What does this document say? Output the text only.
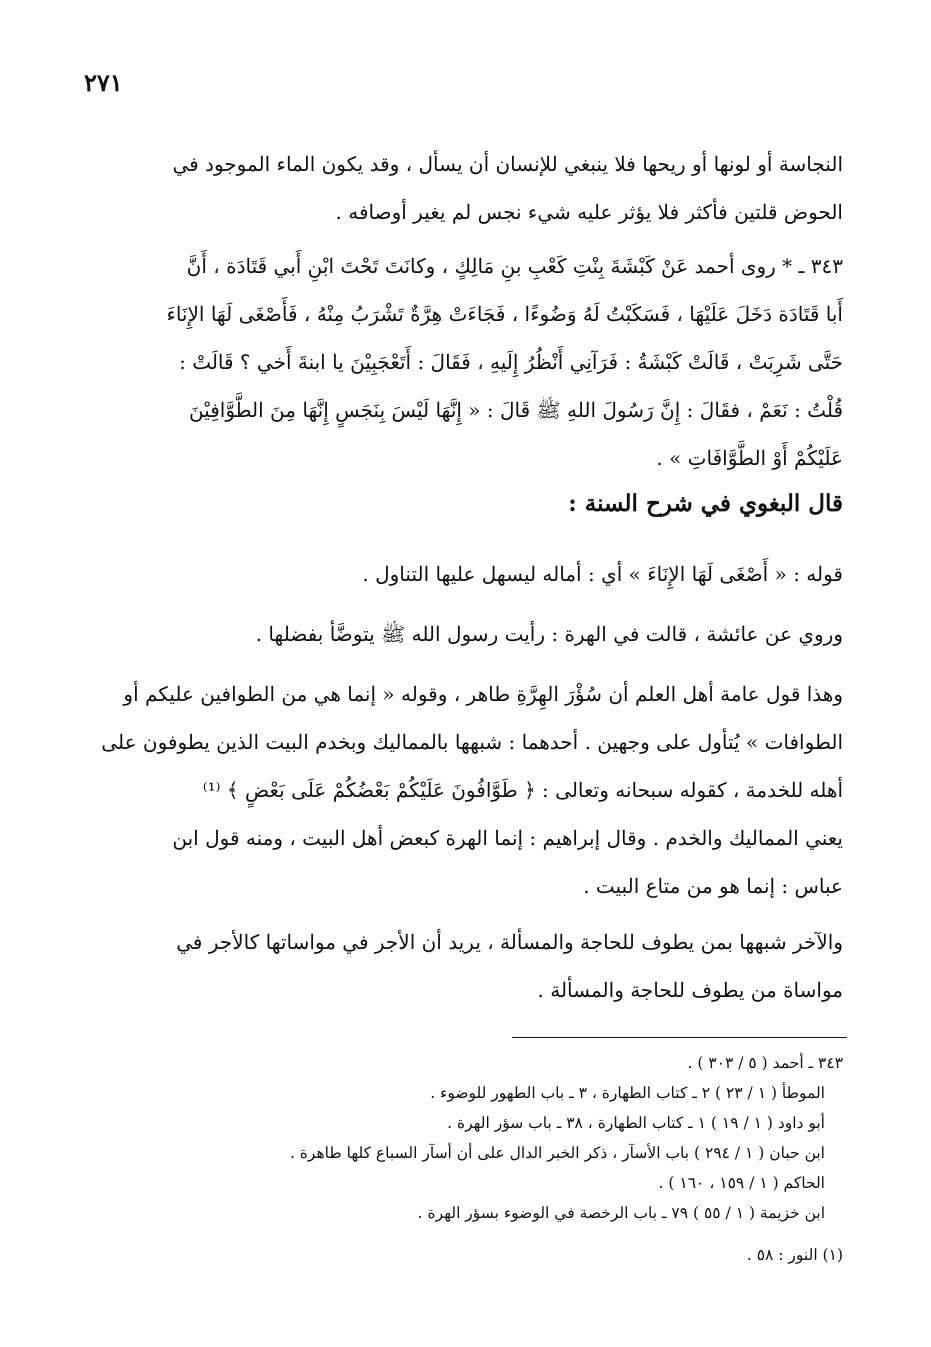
٢٧١
النجاسة أو لونها أو ريحها فلا ينبغي للإنسان أن يسأل ، وقد يكون الماء الموجود في
الحوض قلتين فأكثر فلا يؤثر عليه شيء نجس لم يغير أوصافه .
٣٤٣ ـ * روى أحمد عَنْ كَبْشَةَ بِنْتِ كَعْبِ بنِ مَالِكٍ ، وكانَتَ تَحْتَ ابْنِ أَبي قَتَادَة ، أَنَّ
أَبا قَتَادَة دَخَلَ عَلَيْهَا ، فَسَكَبْتُ لَهُ وَضُوءًا ، فَجَاءَتْ هِرَّةٌ تَشْرَبُ مِنْهُ ، فَأَصْغَى لَهَا الإِنَاءَ
حَتَّى شَرِبَتْ ، قَالَتْ كَبْشَةُ : فَرَآنِي أَنْظُرُ إِلَيهِ ، فَقَالَ : أَتَعْجَبِيْنَ يا ابنةَ أَخي ؟ قَالَتْ :
قُلْتُ : نَعَمْ ، فقَالَ : إِنَّ رَسُولَ اللهِ ﷺ قَالَ : « إِنَّهَا لَيْسَ بِنَجَسٍ إِنَّهَا مِنَ الطَّوَّافِيْنَ
عَلَيْكُمْ أَوْ الطَّوَّافَاتِ » .
قال البغوي في شرح السنة :
قوله : « أَصْغَى لَهَا الإِنَاءَ » أي : أماله ليسهل عليها التناول .
وروي عن عائشة ، قالت في الهرة : رأيت رسول الله ﷺ يتوضَّأ بفضلها .
وهذا قول عامة أهل العلم أن سُؤْرَ الهِرَّةِ طاهر ، وقوله « إنما هي من الطوافين عليكم أو
الطوافات » يُتأول على وجهين . أحدهما : شبهها بالمماليك وبخدم البيت الذين يطوفون على
أهله للخدمة ، كقوله سبحانه وتعالى : ﴿ طَوَّافُونَ عَلَيْكُمْ بَعْضُكُمْ عَلَى بَعْضٍ ﴾ ⁽¹⁾
يعني المماليك والخدم . وقال إبراهيم : إنما الهرة كبعض أهل البيت ، ومنه قول ابن
عباس : إنما هو من متاع البيت .
والآخر شبهها بمن يطوف للحاجة والمسألة ، يريد أن الأجر في مواساتها كالأجر في
مواساة من يطوف للحاجة والمسألة .
٣٤٣ ـ أحمد ( ٥ / ٣٠٣ ) .
الموطأ ( ١ / ٢٣ ) ٢ ـ كتاب الطهارة ، ٣ ـ باب الطهور للوضوء .
أبو داود ( ١ / ١٩ ) ١ ـ كتاب الطهارة ، ٣٨ ـ باب سؤر الهرة .
ابن حبان ( ١ / ٢٩٤ ) باب الأسآر ، ذكر الخبر الدال على أن أسآر السباع كلها طاهرة .
الحاكم ( ١ / ١٥٩ ، ١٦٠ ) .
ابن خزيمة ( ١ / ٥٥ ) ٧٩ ـ باب الرخصة في الوضوء بسؤر الهرة .
(١) النور : ٥٨ .
